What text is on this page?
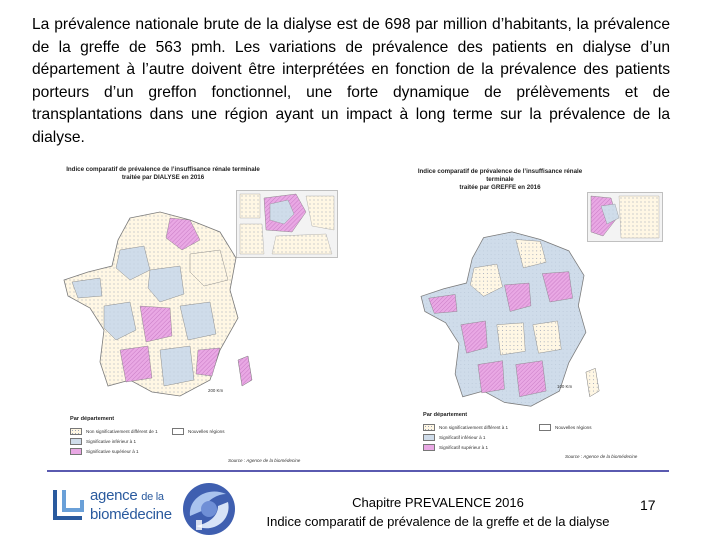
La prévalence nationale brute de la dialyse est de 698 par million d’habitants, la prévalence de la greffe de 563 pmh. Les variations de prévalence des patients en dialyse d’un département à l’autre doivent être interprétées en fonction de la prévalence des patients porteurs d’un greffon fonctionnel, une forte dynamique de prélèvements et de transplantations dans une région ayant un impact à long terme sur la prévalence de la dialyse.

Indice comparatif de prévalence de l’insuffisance rénale terminale
traitée par DIALYSE en 2016
200 Km
Par département
Non significativement différent de 1
Significative inférieur à 1
Significative supérieur à 1
Nouvelles régions
Source : Agence de la biomédecine
Indice comparatif de prévalence de l’insuffisance rénale terminale
traitée par GREFFE en 2016
100 Km
Par département
Non significativement différent à 1
Significatif inférieur à 1
Significatif supérieur à 1
Nouvelles régions
Source : Agence de la biomédecine
agence de la
biomédecine
Chapitre PREVALENCE 2016
Indice comparatif de prévalence de la greffe et de la dialyse
17
